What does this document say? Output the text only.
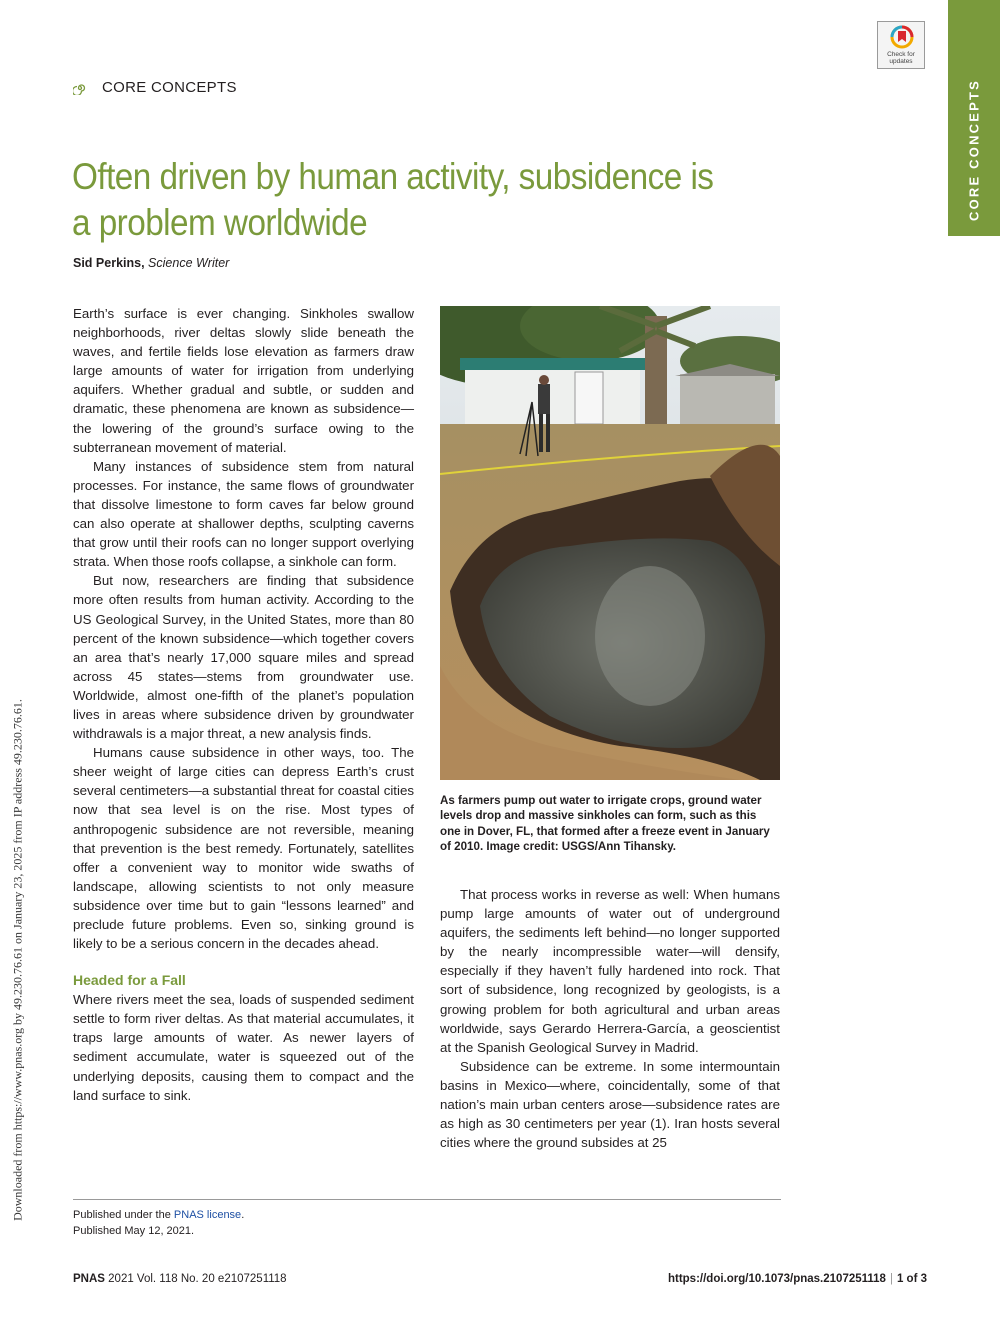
CORE CONCEPTS
Check for
updates
Downloaded from https://www.pnas.org by 49.230.76.61 on January 23, 2025 from IP address 49.230.76.61.
CORE CONCEPTS
Often driven by human activity, subsidence is a problem worldwide
Sid Perkins, Science Writer

Earth’s surface is ever changing. Sinkholes swallow neighborhoods, river deltas slowly slide beneath the waves, and fertile fields lose elevation as farmers draw large amounts of water for irrigation from underlying aquifers. Whether gradual and subtle, or sudden and dramatic, these phenomena are known as subsidence—the lowering of the ground’s surface owing to the subterranean movement of material.

Many instances of subsidence stem from natural processes. For instance, the same flows of groundwater that dissolve limestone to form caves far below ground can also operate at shallower depths, sculpting caverns that grow until their roofs can no longer support overlying strata. When those roofs collapse, a sinkhole can form.

But now, researchers are finding that subsidence more often results from human activity. According to the US Geological Survey, in the United States, more than 80 percent of the known subsidence—which together covers an area that’s nearly 17,000 square miles and spread across 45 states—stems from groundwater use. Worldwide, almost one-fifth of the planet’s population lives in areas where subsidence driven by groundwater withdrawals is a major threat, a new analysis finds.

Humans cause subsidence in other ways, too. The sheer weight of large cities can depress Earth’s crust several centimeters—a substantial threat for coastal cities now that sea level is on the rise. Most types of anthropogenic subsidence are not reversible, meaning that prevention is the best remedy. Fortunately, satellites offer a convenient way to monitor wide swaths of landscape, allowing scientists to not only measure subsidence over time but to gain “lessons learned” and preclude future problems. Even so, sinking ground is likely to be a serious concern in the decades ahead.

Headed for a Fall

Where rivers meet the sea, loads of suspended sediment settle to form river deltas. As that material accumulates, it traps large amounts of water. As newer layers of sediment accumulate, water is squeezed out of the underlying deposits, causing them to compact and the land surface to sink.

As farmers pump out water to irrigate crops, ground water levels drop and massive sinkholes can form, such as this one in Dover, FL, that formed after a freeze event in January of 2010. Image credit: USGS/Ann Tihansky.

That process works in reverse as well: When humans pump large amounts of water out of underground aquifers, the sediments left behind—no longer supported by the nearly incompressible water—will densify, especially if they haven’t fully hardened into rock. That sort of subsidence, long recognized by geologists, is a growing problem for both agricultural and urban areas worldwide, says Gerardo Herrera-García, a geoscientist at the Spanish Geological Survey in Madrid.

Subsidence can be extreme. In some intermountain basins in Mexico—where, coincidentally, some of that nation’s main urban centers arose—subsidence rates are as high as 30 centimeters per year (1). Iran hosts several cities where the ground subsides at 25

Published under the PNAS license.
Published May 12, 2021.
PNAS 2021 Vol. 118 No. 20 e2107251118	https://doi.org/10.1073/pnas.2107251118 | 1 of 3
